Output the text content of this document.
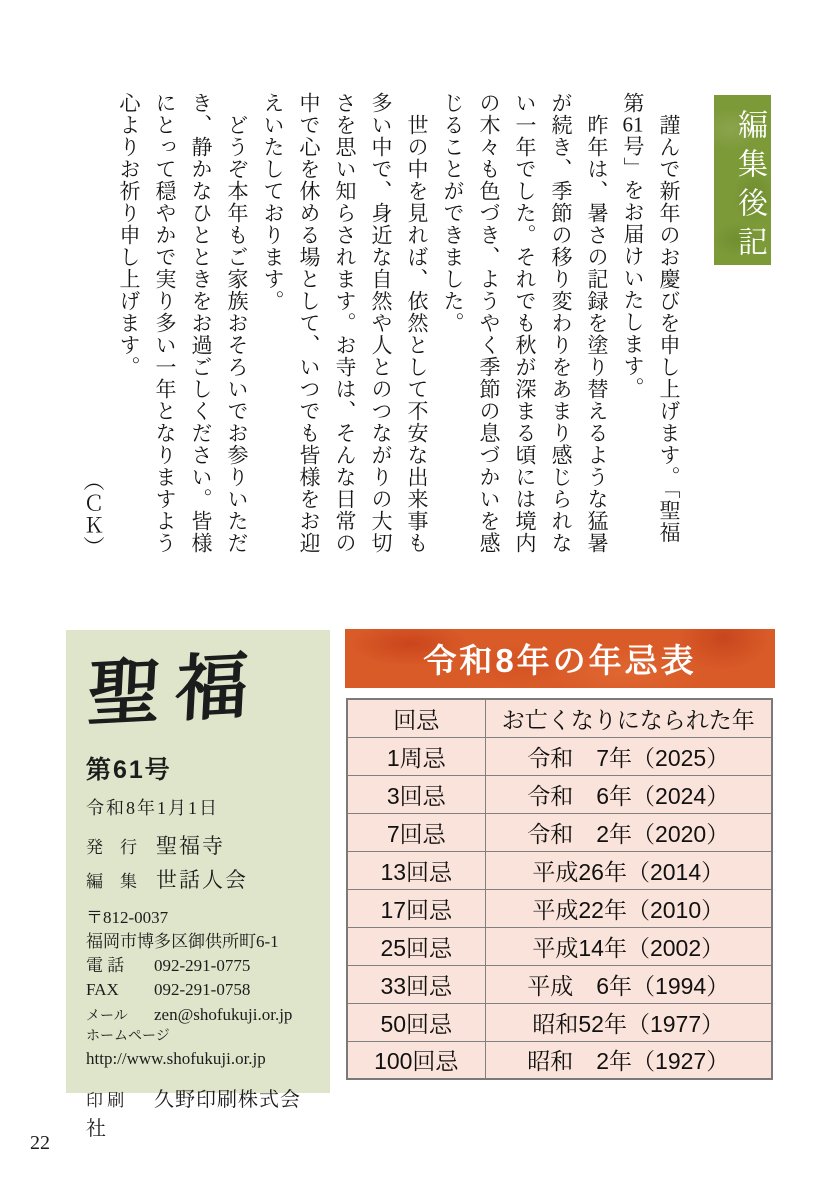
編集後記
　謹んで新年のお慶びを申し上げます。「聖福
第61号」をお届けいたします。
　昨年は、暑さの記録を塗り替えるような猛暑
が続き、季節の移り変わりをあまり感じられな
い一年でした。それでも秋が深まる頃には境内
の木々も色づき、ようやく季節の息づかいを感
じることができました。
　世の中を見れば、依然として不安な出来事も
多い中で、身近な自然や人とのつながりの大切
さを思い知らされます。お寺は、そんな日常の
中で心を休める場として、いつでも皆様をお迎
えいたしております。
　どうぞ本年もご家族おそろいでお参りいただ
き、静かなひとときをお過ごしください。皆様
にとって穏やかで実り多い一年となりますよう
心よりお祈り申し上げます。
（ＣＫ）
聖福
第61号
令和8年1月1日
発　行 聖福寺
編　集 世話人会
〒812-0037
福岡市博多区御供所町6-1
電 話 092-291-0775
FAX 092-291-0758
メール zen@shofukuji.or.jp
ホームページ
http://www.shofukuji.or.jp
印 刷 久野印刷株式会社
令和8年の年忌表
回忌	お亡くなりになられた年
1周忌	令和　7年（2025）
3回忌	令和　6年（2024）
7回忌	令和　2年（2020）
13回忌	平成26年（2014）
17回忌	平成22年（2010）
25回忌	平成14年（2002）
33回忌	平成　6年（1994）
50回忌	昭和52年（1977）
100回忌	昭和　2年（1927）
22
